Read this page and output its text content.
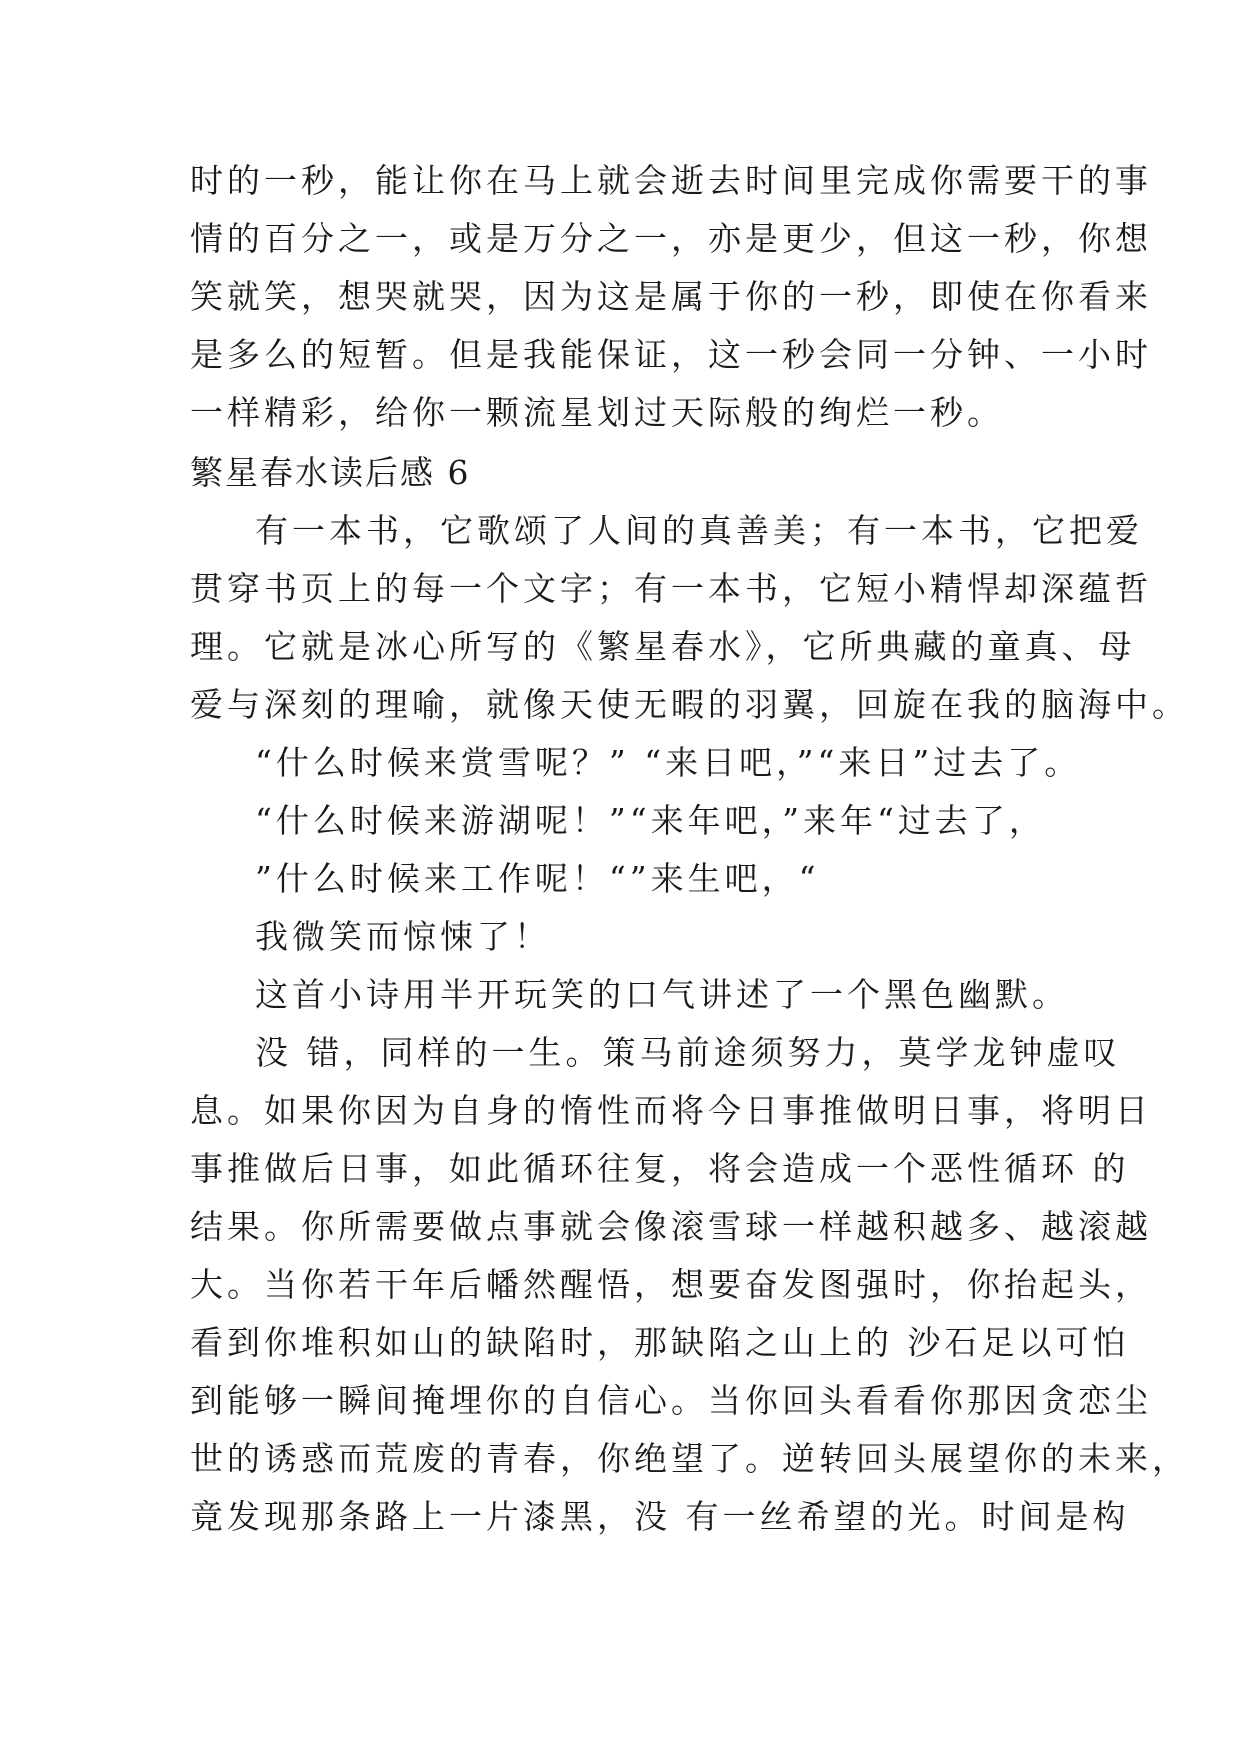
时的一秒，能让你在马上就会逝去时间里完成你需要干的事
情的百分之一，或是万分之一，亦是更少，但这一秒，你想
笑就笑，想哭就哭，因为这是属于你的一秒，即使在你看来
是多么的短暂。但是我能保证，这一秒会同一分钟、一小时
一样精彩，给你一颗流星划过天际般的绚烂一秒。
繁星春水读后感 6
有一本书，它歌颂了人间的真善美；有一本书，它把爱
贯穿书页上的每一个文字；有一本书，它短小精悍却深蕴哲
理。它就是冰心所写的《繁星春水》，它所典藏的童真、母
爱与深刻的理喻，就像天使无暇的羽翼，回旋在我的脑海中。
“什么时候来赏雪呢？” “来日吧，”“来日”过去了。
“什么时候来游湖呢！”“来年吧，”来年“过去了，
”什么时候来工作呢！“”来生吧，“
我微笑而惊悚了！
这首小诗用半开玩笑的口气讲述了一个黑色幽默。
没 错，同样的一生。策马前途须努力，莫学龙钟虚叹
息。如果你因为自身的惰性而将今日事推做明日事，将明日
事推做后日事，如此循环往复，将会造成一个恶性循环 的
结果。你所需要做点事就会像滚雪球一样越积越多、越滚越
大。当你若干年后幡然醒悟，想要奋发图强时，你抬起头，
看到你堆积如山的缺陷时，那缺陷之山上的 沙石足以可怕
到能够一瞬间掩埋你的自信心。当你回头看看你那因贪恋尘
世的诱惑而荒废的青春，你绝望了。逆转回头展望你的未来，
竟发现那条路上一片漆黑，没 有一丝希望的光。时间是构
